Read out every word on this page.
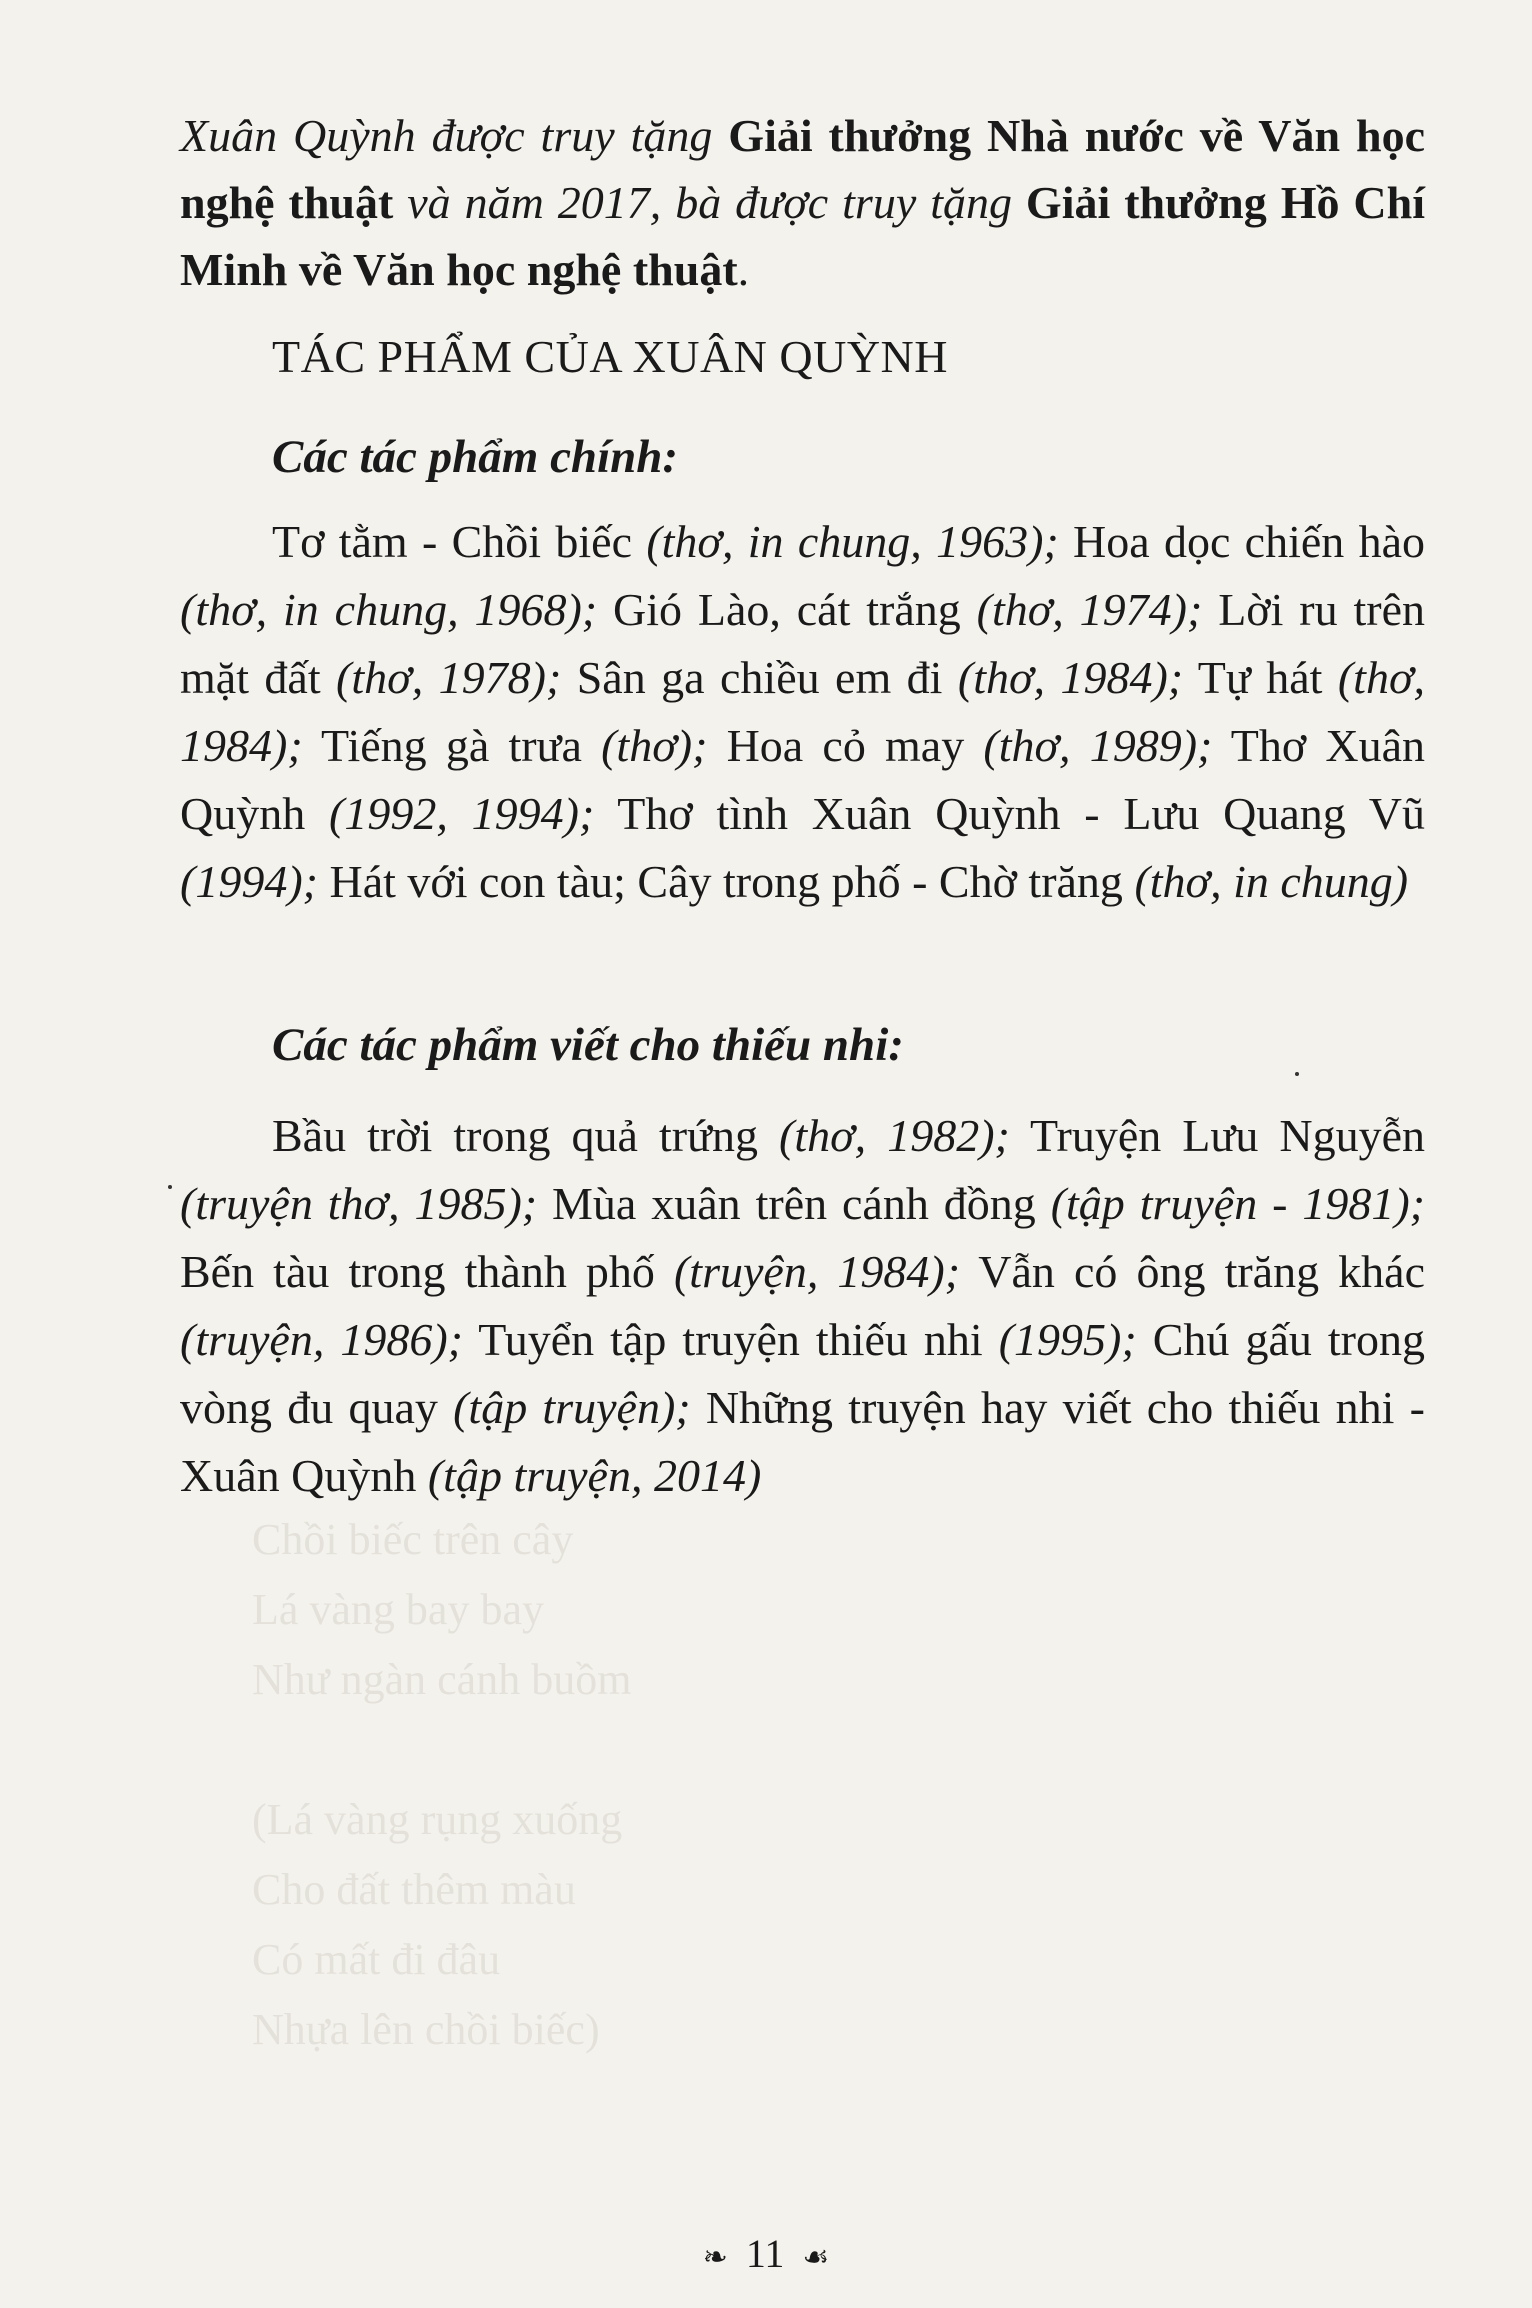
Xuân Quỳnh được truy tặng Giải thưởng Nhà nước về Văn học nghệ thuật và năm 2017, bà được truy tặng Giải thưởng Hồ Chí Minh về Văn học nghệ thuật.
TÁC PHẨM CỦA XUÂN QUỲNH
Các tác phẩm chính:
Tơ tằm - Chồi biếc (thơ, in chung, 1963); Hoa dọc chiến hào (thơ, in chung, 1968); Gió Lào, cát trắng (thơ, 1974); Lời ru trên mặt đất (thơ, 1978); Sân ga chiều em đi (thơ, 1984); Tự hát (thơ, 1984); Tiếng gà trưa (thơ); Hoa cỏ may (thơ, 1989); Thơ Xuân Quỳnh (1992, 1994); Thơ tình Xuân Quỳnh - Lưu Quang Vũ (1994); Hát với con tàu; Cây trong phố - Chờ trăng (thơ, in chung)
Các tác phẩm viết cho thiếu nhi:
Bầu trời trong quả trứng (thơ, 1982); Truyện Lưu Nguyễn (truyện thơ, 1985); Mùa xuân trên cánh đồng (tập truyện - 1981); Bến tàu trong thành phố (truyện, 1984); Vẫn có ông trăng khác (truyện, 1986); Tuyển tập truyện thiếu nhi (1995); Chú gấu trong vòng đu quay (tập truyện); Những truyện hay viết cho thiếu nhi - Xuân Quỳnh (tập truyện, 2014)
Chồi biếc trên cây
Lá vàng bay bay
Như ngàn cánh buồm
(Lá vàng rụng xuống
Cho đất thêm màu
Có mất đi đâu
Nhựa lên chồi biếc)
❧ 11 ☙
